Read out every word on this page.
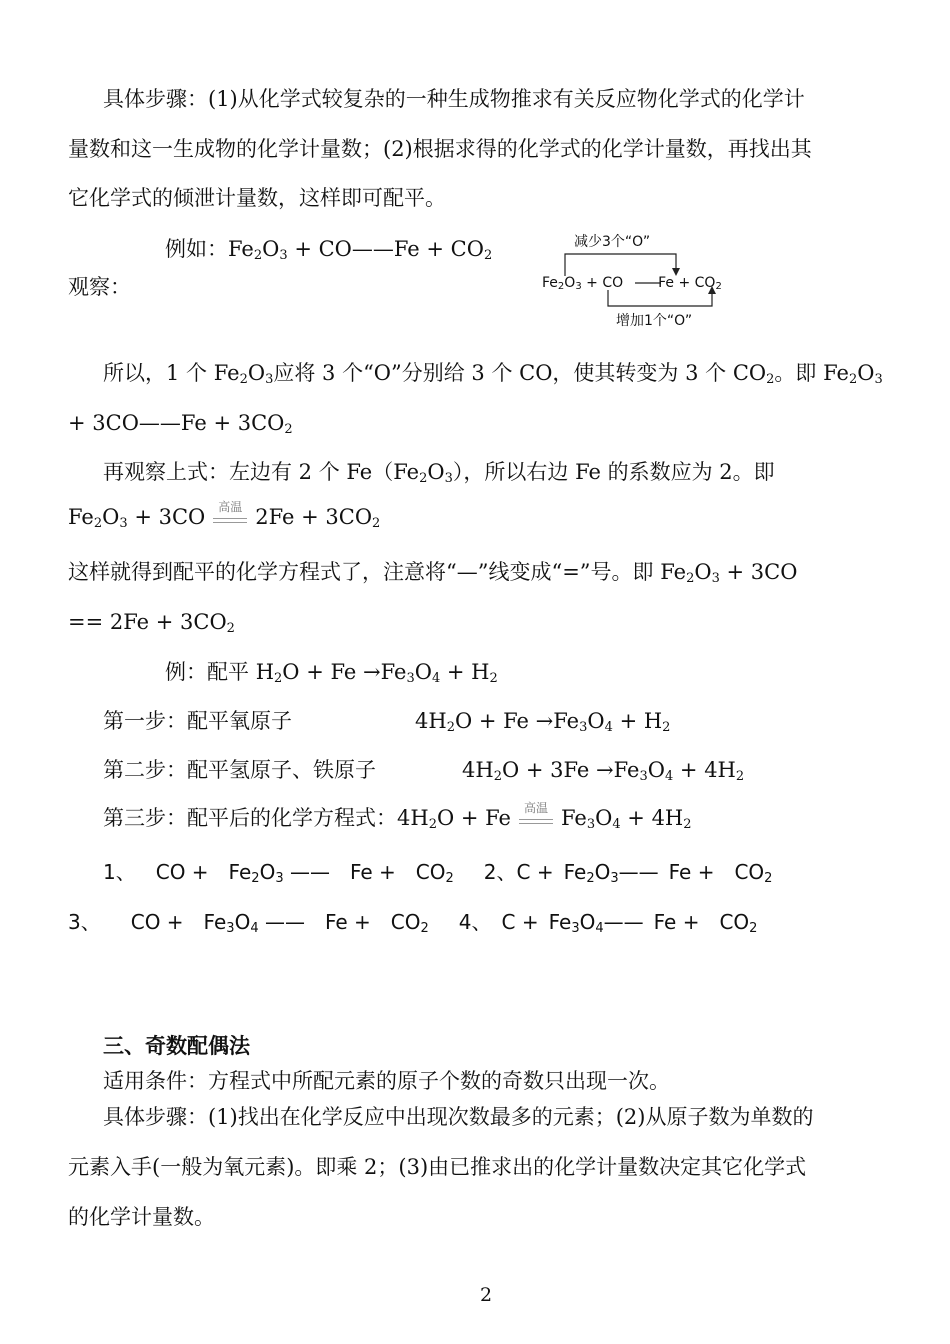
具体步骤：(1)从化学式较复杂的一种生成物推求有关反应物化学式的化学计
量数和这一生成物的化学计量数；(2)根据求得的化学式的化学计量数，再找出其
它化学式的倾泄计量数，这样即可配平。
例如：$Fe_2O_3$ + CO——Fe + $CO_2$
观察：
减少3个“O”
$Fe_2O_3$ + CO     $Fe + CO_2$
增加1个“O”
所以，1 个 $Fe_2O_3$应将 3 个“O”分别给 3 个 CO，使其转变为 3 个 $CO_2$。即 $Fe_2O_3$
+ 3CO——Fe + $3CO_2$
再观察上式：左边有 2 个 $Fe(Fe_2O_3)$，所以右边 Fe 的系数应为 2。即
$Fe_2O_3 + 3CO$	高温 $2Fe + 3CO_2$
这样就得到配平的化学方程式了，注意将“—”线变成“=”号。即 $Fe_2O_3 + 3CO$
== $2Fe + 3CO_2$
例：配平 $H_2O + Fe \to Fe_3O_4 + H_2$
第一步：配平氧原子	$4H_2O + Fe \to Fe_3O_4 + H_2$
第二步：配平氢原子、铁原子	$4H_2O + 3Fe \to Fe_3O_4 + 4H_2$
第三步：配平后的化学方程式：$4H_2O + Fe$	高温 $Fe_3O_4 + 4H_2$
1、 CO +  $Fe_2O_3$ ——  Fe +  $CO_2$   2、C + $Fe_2O_3——$ Fe +  $CO_2$
3、  CO +  $Fe_3O_4$ ——  Fe +  $CO_2$   4、 C + $Fe_3O_4——$ Fe +  $CO_2$
三、奇数配偶法
适用条件：方程式中所配元素的原子个数的奇数只出现一次。
具体步骤：(1)找出在化学反应中出现次数最多的元素；(2)从原子数为单数的
元素入手(一般为氧元素)。即乘 2；(3)由已推求出的化学计量数决定其它化学式
的化学计量数。
2
